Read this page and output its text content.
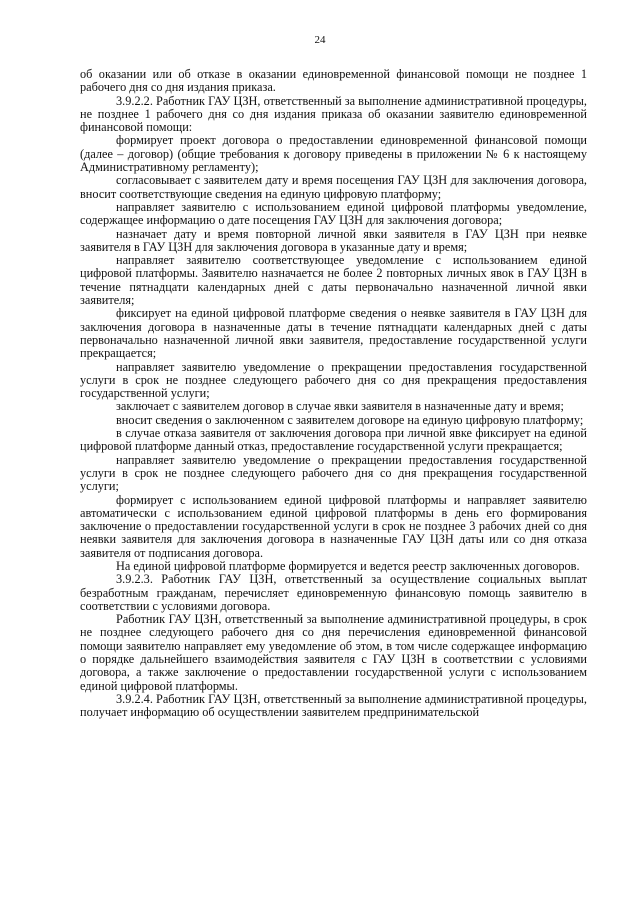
24

об оказании или об отказе в оказании единовременной финансовой помощи не позднее 1 рабочего дня со дня издания приказа.

3.9.2.2. Работник ГАУ ЦЗН, ответственный за выполнение административной процедуры, не позднее 1 рабочего дня со дня издания приказа об оказании заявителю единовременной финансовой помощи:

формирует проект договора о предоставлении единовременной финансовой помощи (далее – договор) (общие требования к договору приведены в приложении № 6 к настоящему Административному регламенту);

согласовывает с заявителем дату и время посещения ГАУ ЦЗН для заключения договора, вносит соответствующие сведения на единую цифровую платформу;

направляет заявителю с использованием единой цифровой платформы уведомление, содержащее информацию о дате посещения ГАУ ЦЗН для заключения договора;

назначает дату и время повторной личной явки заявителя в ГАУ ЦЗН при неявке заявителя в ГАУ ЦЗН для заключения договора в указанные дату и время;

направляет заявителю соответствующее уведомление с использованием единой цифровой платформы. Заявителю назначается не более 2 повторных личных явок в ГАУ ЦЗН в течение пятнадцати календарных дней с даты первоначально назначенной личной явки заявителя;

фиксирует на единой цифровой платформе сведения о неявке заявителя в ГАУ ЦЗН для заключения договора в назначенные даты в течение пятнадцати календарных дней с даты первоначально назначенной личной явки заявителя, предоставление государственной услуги прекращается;

направляет заявителю уведомление о прекращении предоставления государственной услуги в срок не позднее следующего рабочего дня со дня прекращения предоставления государственной услуги;

заключает с заявителем договор в случае явки заявителя в назначенные дату и время;

вносит сведения о заключенном с заявителем договоре на единую цифровую платформу;

в случае отказа заявителя от заключения договора при личной явке фиксирует на единой цифровой платформе данный отказ, предоставление государственной услуги прекращается;

направляет заявителю уведомление о прекращении предоставления государственной услуги в срок не позднее следующего рабочего дня со дня прекращения государственной услуги;

формирует с использованием единой цифровой платформы и направляет заявителю автоматически с использованием единой цифровой платформы в день его формирования заключение о предоставлении государственной услуги в срок не позднее 3 рабочих дней со дня неявки заявителя для заключения договора в назначенные ГАУ ЦЗН даты или со дня отказа заявителя от подписания договора.

На единой цифровой платформе формируется и ведется реестр заключенных договоров.

3.9.2.3. Работник ГАУ ЦЗН, ответственный за осуществление социальных выплат безработным гражданам, перечисляет единовременную финансовую помощь заявителю в соответствии с условиями договора.

Работник ГАУ ЦЗН, ответственный за выполнение административной процедуры, в срок не позднее следующего рабочего дня со дня перечисления единовременной финансовой помощи заявителю направляет ему уведомление об этом, в том числе содержащее информацию о порядке дальнейшего взаимодействия заявителя с ГАУ ЦЗН в соответствии с условиями договора, а также заключение о предоставлении государственной услуги с использованием единой цифровой платформы.

3.9.2.4. Работник ГАУ ЦЗН, ответственный за выполнение административной процедуры, получает информацию об осуществлении заявителем предпринимательской
